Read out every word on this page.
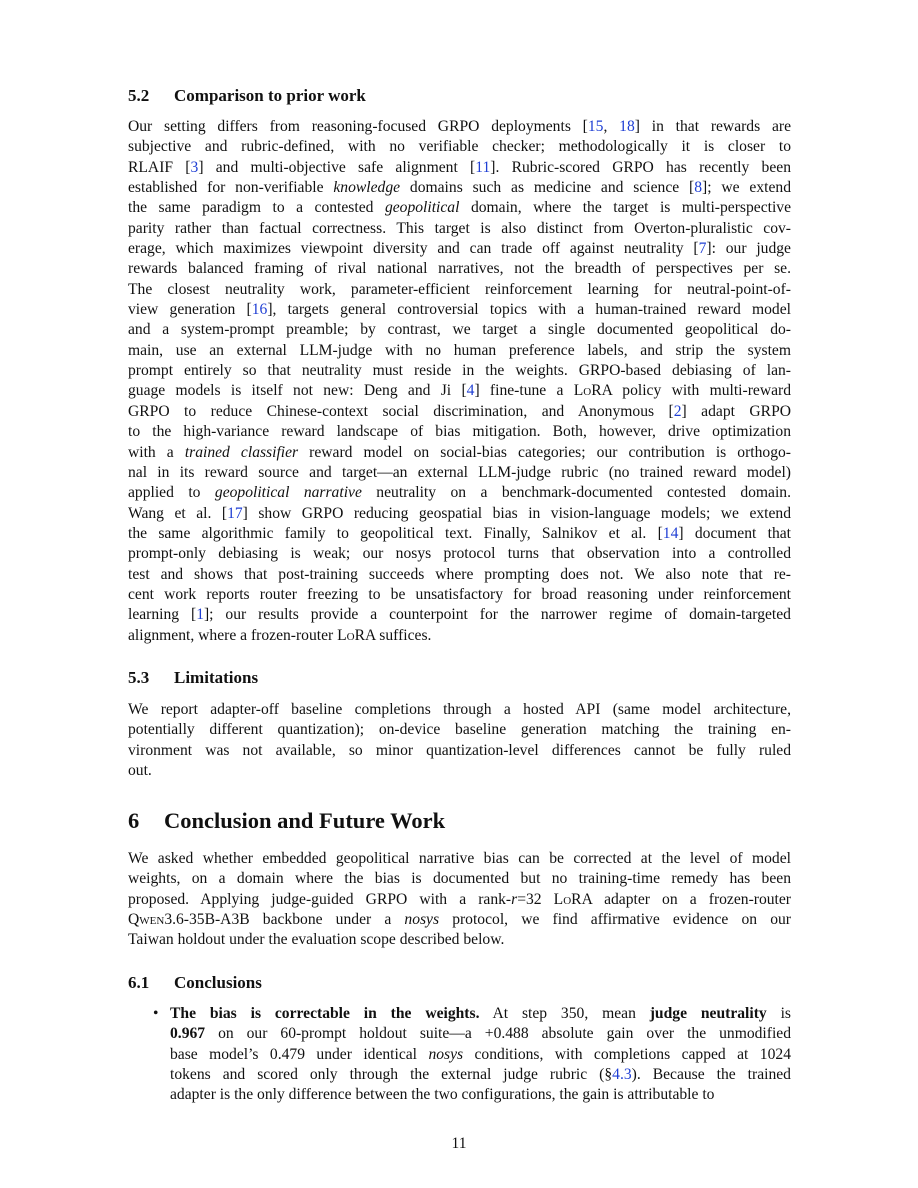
5.2 Comparison to prior work
Our setting differs from reasoning-focused GRPO deployments [15, 18] in that rewards are
subjective and rubric-defined, with no verifiable checker; methodologically it is closer to
RLAIF [3] and multi-objective safe alignment [11]. Rubric-scored GRPO has recently been
established for non-verifiable knowledge domains such as medicine and science [8]; we extend
the same paradigm to a contested geopolitical domain, where the target is multi-perspective
parity rather than factual correctness. This target is also distinct from Overton-pluralistic cov-
erage, which maximizes viewpoint diversity and can trade off against neutrality [7]: our judge
rewards balanced framing of rival national narratives, not the breadth of perspectives per se.
The closest neutrality work, parameter-efficient reinforcement learning for neutral-point-of-
view generation [16], targets general controversial topics with a human-trained reward model
and a system-prompt preamble; by contrast, we target a single documented geopolitical do-
main, use an external LLM-judge with no human preference labels, and strip the system
prompt entirely so that neutrality must reside in the weights. GRPO-based debiasing of lan-
guage models is itself not new: Deng and Ji [4] fine-tune a LoRA policy with multi-reward
GRPO to reduce Chinese-context social discrimination, and Anonymous [2] adapt GRPO
to the high-variance reward landscape of bias mitigation. Both, however, drive optimization
with a trained classifier reward model on social-bias categories; our contribution is orthogo-
nal in its reward source and target—an external LLM-judge rubric (no trained reward model)
applied to geopolitical narrative neutrality on a benchmark-documented contested domain.
Wang et al. [17] show GRPO reducing geospatial bias in vision-language models; we extend
the same algorithmic family to geopolitical text. Finally, Salnikov et al. [14] document that
prompt-only debiasing is weak; our nosys protocol turns that observation into a controlled
test and shows that post-training succeeds where prompting does not. We also note that re-
cent work reports router freezing to be unsatisfactory for broad reasoning under reinforcement
learning [1]; our results provide a counterpoint for the narrower regime of domain-targeted
alignment, where a frozen-router LoRA suffices.
5.3 Limitations
We report adapter-off baseline completions through a hosted API (same model architecture,
potentially different quantization); on-device baseline generation matching the training en-
vironment was not available, so minor quantization-level differences cannot be fully ruled
out.
6 Conclusion and Future Work
We asked whether embedded geopolitical narrative bias can be corrected at the level of model
weights, on a domain where the bias is documented but no training-time remedy has been
proposed. Applying judge-guided GRPO with a rank-r=32 LoRA adapter on a frozen-router
Qwen3.6-35B-A3B backbone under a nosys protocol, we find affirmative evidence on our
Taiwan holdout under the evaluation scope described below.
6.1 Conclusions
• The bias is correctable in the weights. At step 350, mean judge neutrality is
0.967 on our 60-prompt holdout suite—a +0.488 absolute gain over the unmodified
base model’s 0.479 under identical nosys conditions, with completions capped at 1024
tokens and scored only through the external judge rubric (§4.3). Because the trained
adapter is the only difference between the two configurations, the gain is attributable to
11
